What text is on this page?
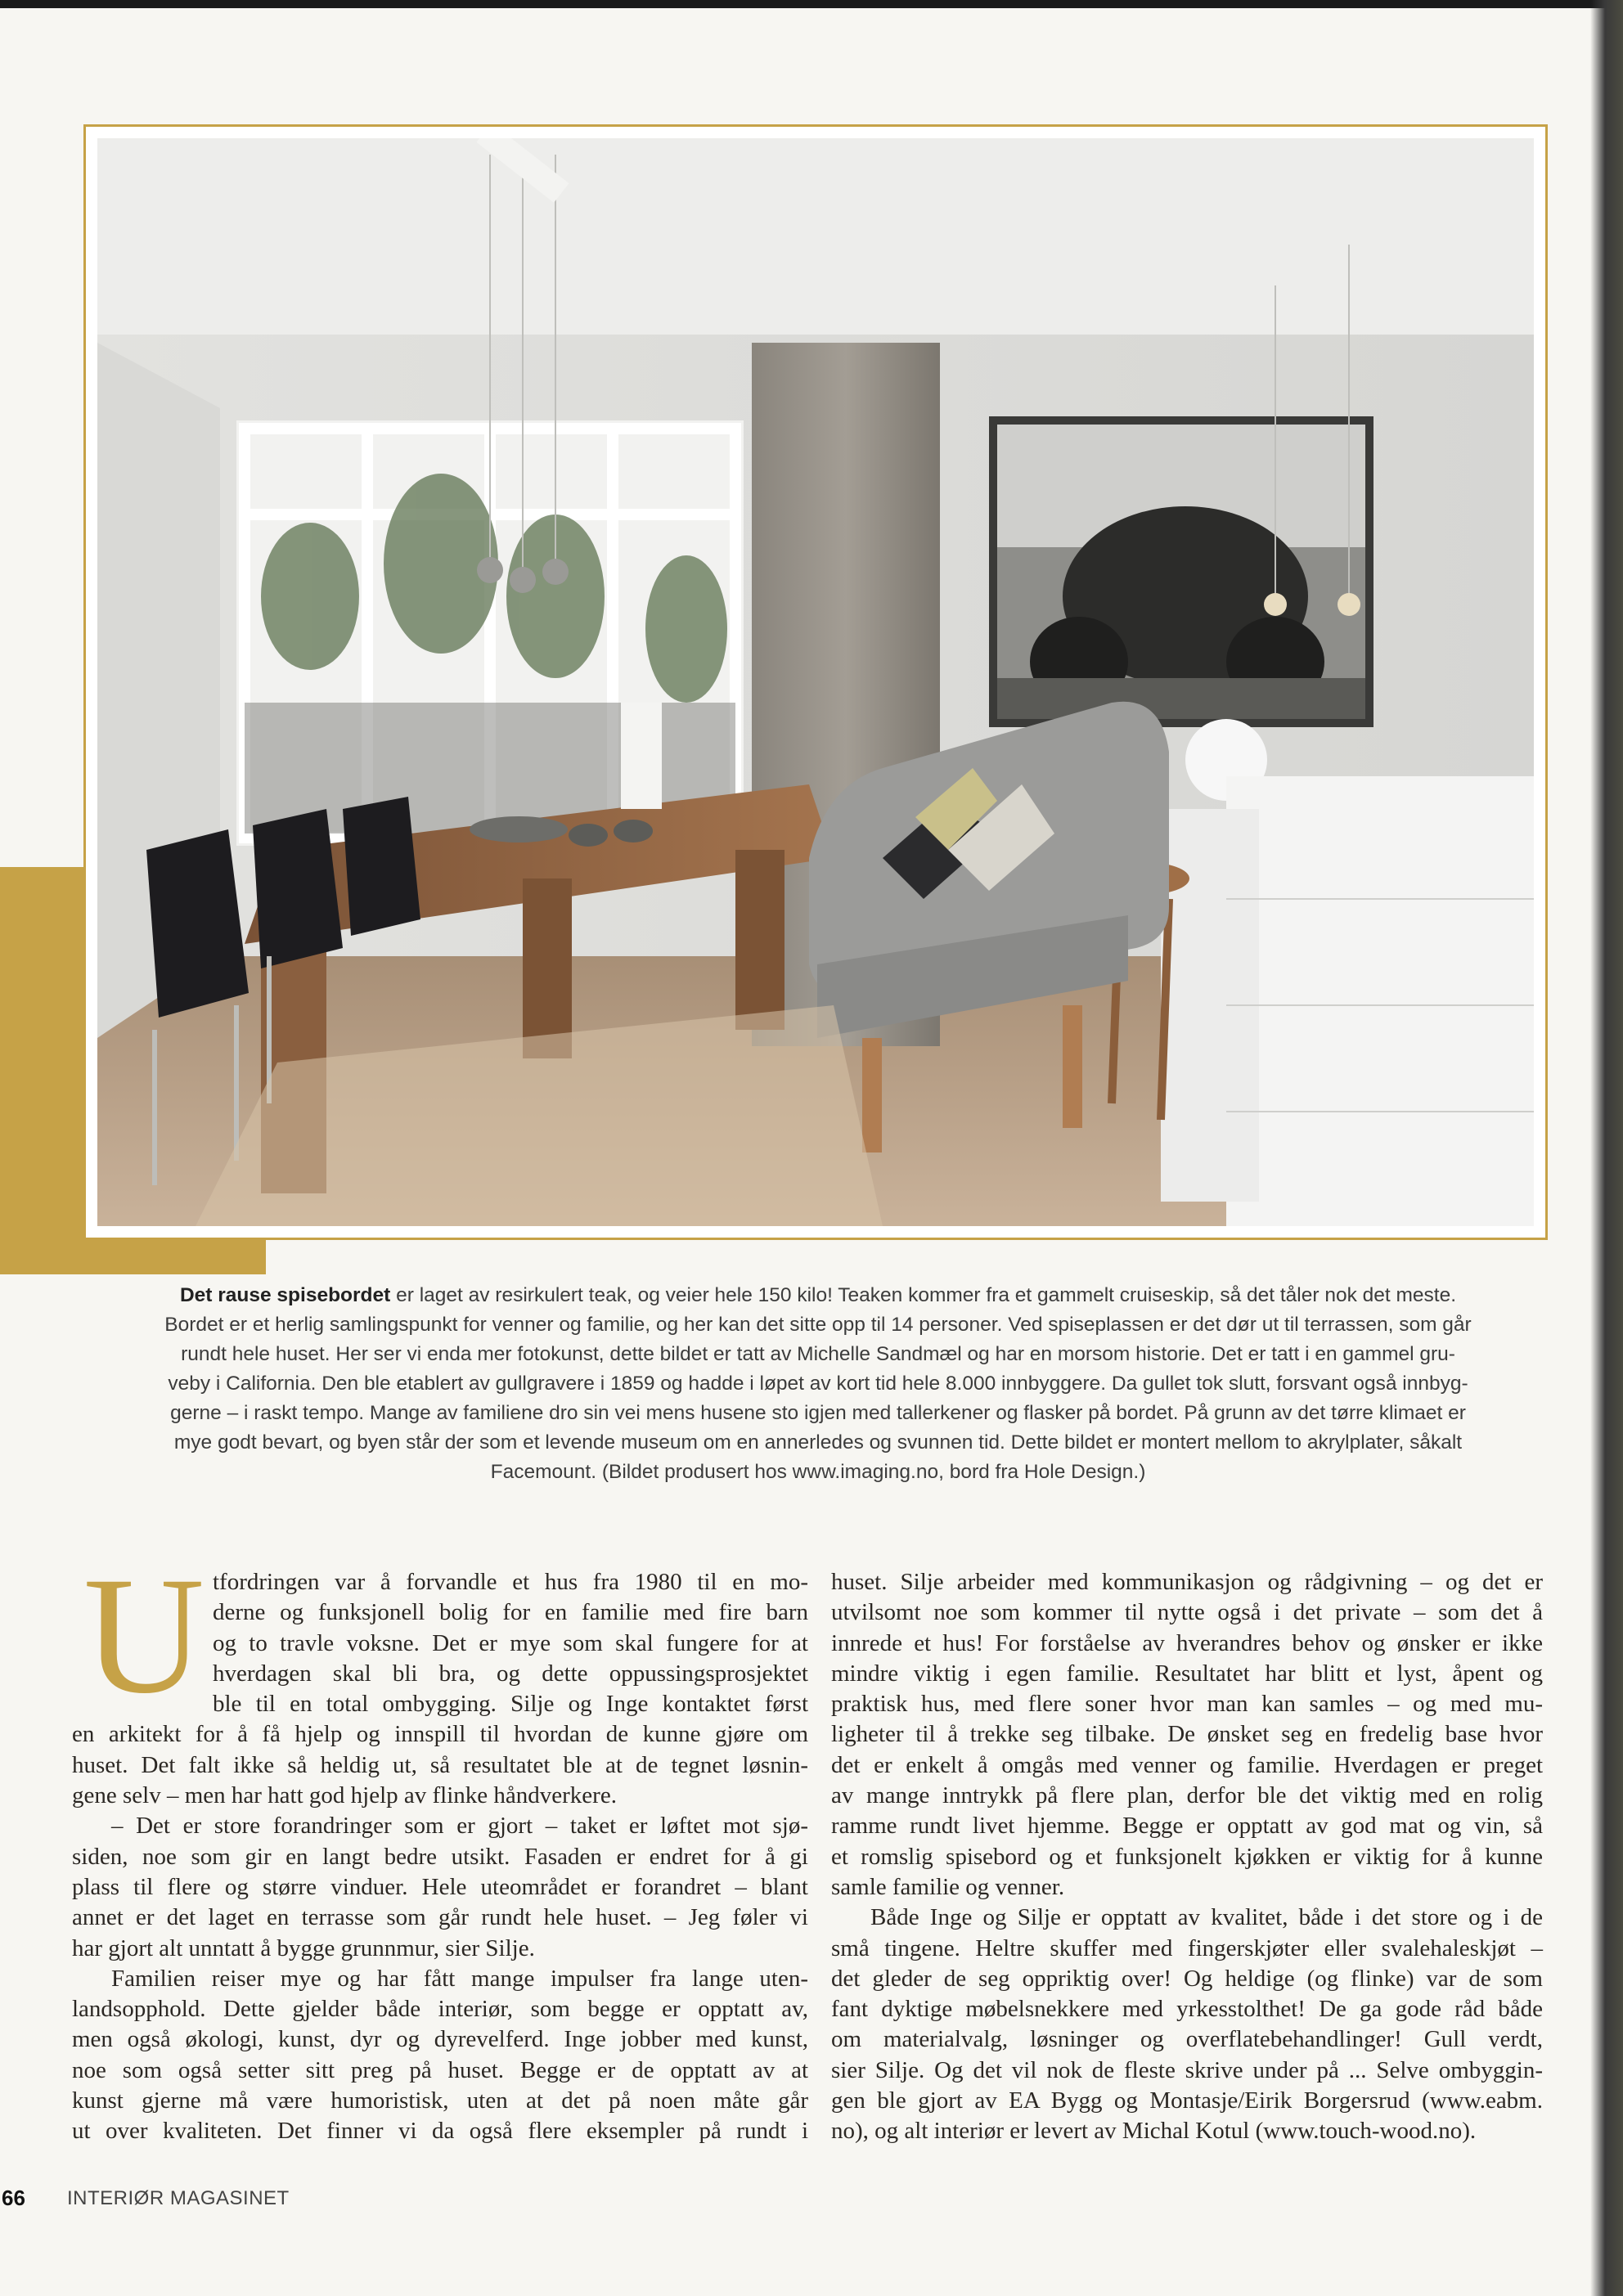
Det rause spisebordet er laget av resirkulert teak, og veier hele 150 kilo! Teaken kommer fra et gammelt cruiseskip, så det tåler nok det meste.
Bordet er et herlig samlingspunkt for venner og familie, og her kan det sitte opp til 14 personer. Ved spiseplassen er det dør ut til terrassen, som går
rundt hele huset. Her ser vi enda mer fotokunst, dette bildet er tatt av Michelle Sandmæl og har en morsom historie. Det er tatt i en gammel gru-
veby i California. Den ble etablert av gullgravere i 1859 og hadde i løpet av kort tid hele 8.000 innbyggere. Da gullet tok slutt, forsvant også innbyg-
gerne – i raskt tempo. Mange av familiene dro sin vei mens husene sto igjen med tallerkener og flasker på bordet. På grunn av det tørre klimaet er
mye godt bevart, og byen står der som et levende museum om en annerledes og svunnen tid. Dette bildet er montert mellom to akrylplater, såkalt
Facemount. (Bildet produsert hos www.imaging.no, bord fra Hole Design.)
U tfordringen var å forvandle et hus fra 1980 til en mo-
derne og funksjonell bolig for en familie med fire barn
og to travle voksne. Det er mye som skal fungere for at
hverdagen skal bli bra, og dette oppussingsprosjektet
ble til en total ombygging. Silje og Inge kontaktet først
en arkitekt for å få hjelp og innspill til hvordan de kunne gjøre om
huset. Det falt ikke så heldig ut, så resultatet ble at de tegnet løsnin-
gene selv – men har hatt god hjelp av flinke håndverkere.
– Det er store forandringer som er gjort – taket er løftet mot sjø-
siden, noe som gir en langt bedre utsikt. Fasaden er endret for å gi
plass til flere og større vinduer. Hele uteområdet er forandret – blant
annet er det laget en terrasse som går rundt hele huset. – Jeg føler vi
har gjort alt unntatt å bygge grunnmur, sier Silje.
Familien reiser mye og har fått mange impulser fra lange uten-
landsopphold. Dette gjelder både interiør, som begge er opptatt av,
men også økologi, kunst, dyr og dyrevelferd. Inge jobber med kunst,
noe som også setter sitt preg på huset. Begge er de opptatt av at
kunst gjerne må være humoristisk, uten at det på noen måte går
ut over kvaliteten. Det finner vi da også flere eksempler på rundt i
huset. Silje arbeider med kommunikasjon og rådgivning – og det er
utvilsomt noe som kommer til nytte også i det private – som det å
innrede et hus! For forståelse av hverandres behov og ønsker er ikke
mindre viktig i egen familie. Resultatet har blitt et lyst, åpent og
praktisk hus, med flere soner hvor man kan samles – og med mu-
ligheter til å trekke seg tilbake. De ønsket seg en fredelig base hvor
det er enkelt å omgås med venner og familie. Hverdagen er preget
av mange inntrykk på flere plan, derfor ble det viktig med en rolig
ramme rundt livet hjemme. Begge er opptatt av god mat og vin, så
et romslig spisebord og et funksjonelt kjøkken er viktig for å kunne
samle familie og venner.
Både Inge og Silje er opptatt av kvalitet, både i det store og i de
små tingene. Heltre skuffer med fingerskjøter eller svalehaleskjøt –
det gleder de seg oppriktig over! Og heldige (og flinke) var de som
fant dyktige møbelsnekkere med yrkesstolthet! De ga gode råd både
om materialvalg, løsninger og overflatebehandlinger! Gull verdt,
sier Silje. Og det vil nok de fleste skrive under på ... Selve ombyggin-
gen ble gjort av EA Bygg og Montasje/Eirik Borgersrud (www.eabm.
no), og alt interiør er levert av Michal Kotul (www.touch-wood.no).
66 INTERIØR MAGASINET
